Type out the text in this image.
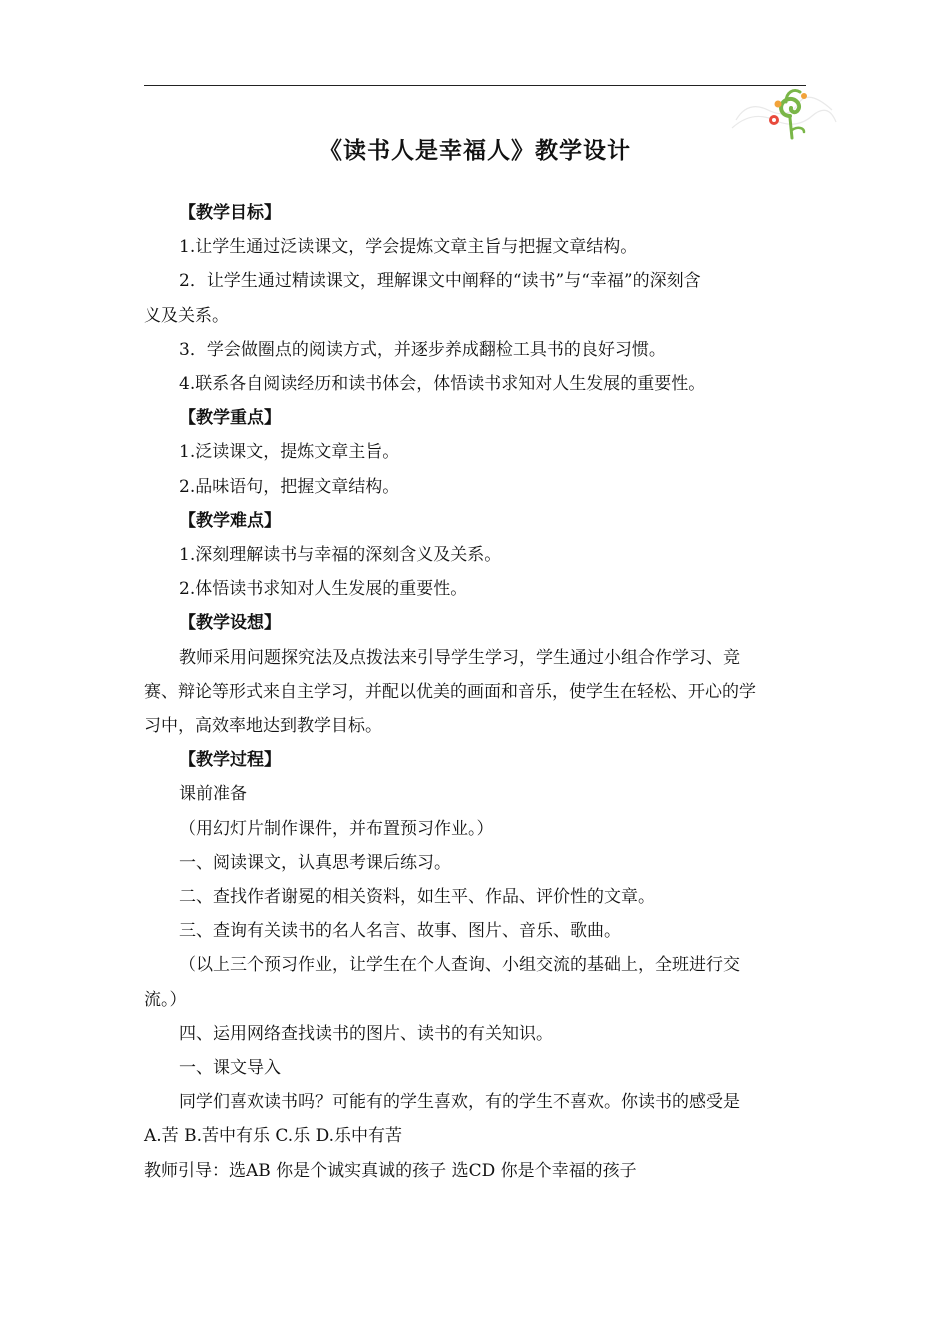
《读书人是幸福人》教学设计
【教学目标】
1.让学生通过泛读课文，学会提炼文章主旨与把握文章结构。
2．让学生通过精读课文，理解课文中阐释的“读书”与“幸福”的深刻含
义及关系。
3．学会做圈点的阅读方式，并逐步养成翻检工具书的良好习惯。
4.联系各自阅读经历和读书体会，体悟读书求知对人生发展的重要性。
【教学重点】
1.泛读课文，提炼文章主旨。
2.品味语句，把握文章结构。
【教学难点】
1.深刻理解读书与幸福的深刻含义及关系。
2.体悟读书求知对人生发展的重要性。
【教学设想】
教师采用问题探究法及点拨法来引导学生学习，学生通过小组合作学习、竞
赛、辩论等形式来自主学习，并配以优美的画面和音乐，使学生在轻松、开心的学
习中，高效率地达到教学目标。
【教学过程】
课前准备
（用幻灯片制作课件，并布置预习作业。）
一、阅读课文，认真思考课后练习。
二、查找作者谢冕的相关资料，如生平、作品、评价性的文章。
三、查询有关读书的名人名言、故事、图片、音乐、歌曲。
（以上三个预习作业，让学生在个人查询、小组交流的基础上，全班进行交
流。）
四、运用网络查找读书的图片、读书的有关知识。
一、课文导入
同学们喜欢读书吗？可能有的学生喜欢，有的学生不喜欢。你读书的感受是
A.苦 B.苦中有乐 C.乐 D.乐中有苦
教师引导：选AB 你是个诚实真诚的孩子 选CD 你是个幸福的孩子
